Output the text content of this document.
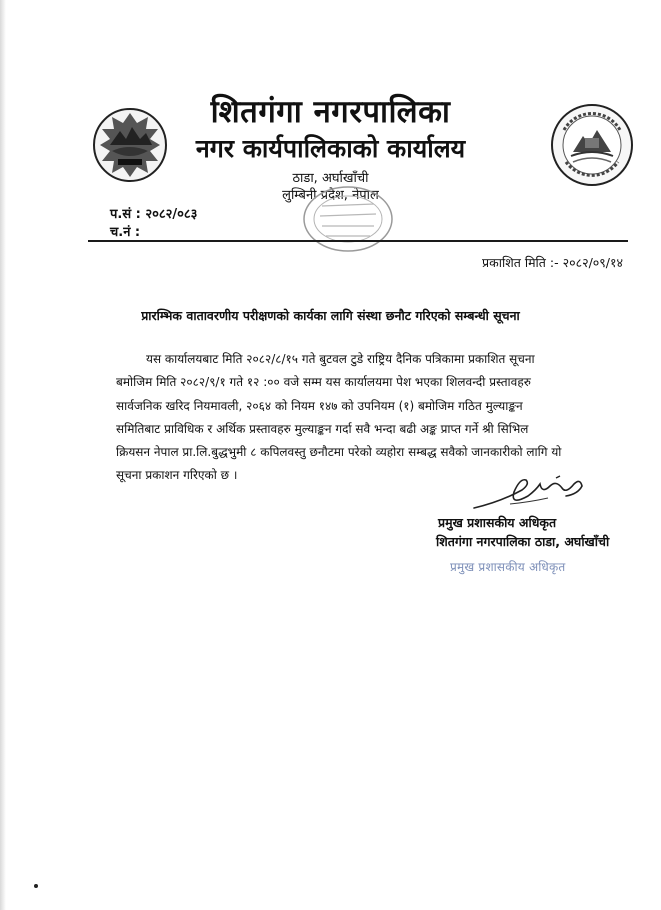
शितगंगा नगरपालिका
नगर कार्यपालिकाको कार्यालय
ठाडा, अर्घाखाँची
लुम्बिनी प्रदेश, नेपाल
प.सं : २०८२/०८३
च.नं :
प्रकाशित मिति :- २०८२/०९/१४
प्रारम्भिक वातावरणीय परीक्षणको कार्यका लागि संस्था छनौट गरिएको सम्बन्धी सूचना
यस कार्यालयबाट मिति २०८२/८/१५ गते बुटवल टुडे राष्ट्रिय दैनिक पत्रिकामा प्रकाशित सूचना
बमोजिम मिति २०८२/९/१ गते १२ :०० वजे सम्म यस कार्यालयमा पेश भएका शिलवन्दी प्रस्तावहरु
सार्वजनिक खरिद नियमावली, २०६४ को नियम १४७ को उपनियम (१) बमोजिम गठित मुल्याङ्कन
समितिबाट प्राविधिक र अर्थिक प्रस्तावहरु मुल्याङ्कन गर्दा सवै भन्दा बढी अङ्क प्राप्त गर्ने श्री सिभिल
क्रियसन नेपाल प्रा.लि.बुद्धभुमी ८ कपिलवस्तु छनौटमा परेको व्यहोरा सम्बद्ध सवैको जानकारीको लागि यो
सूचना प्रकाशन गरिएको छ ।
प्रमुख प्रशासकीय अधिकृत
शितगंगा नगरपालिका ठाडा, अर्घाखाँची
प्रमुख प्रशासकीय अधिकृत
